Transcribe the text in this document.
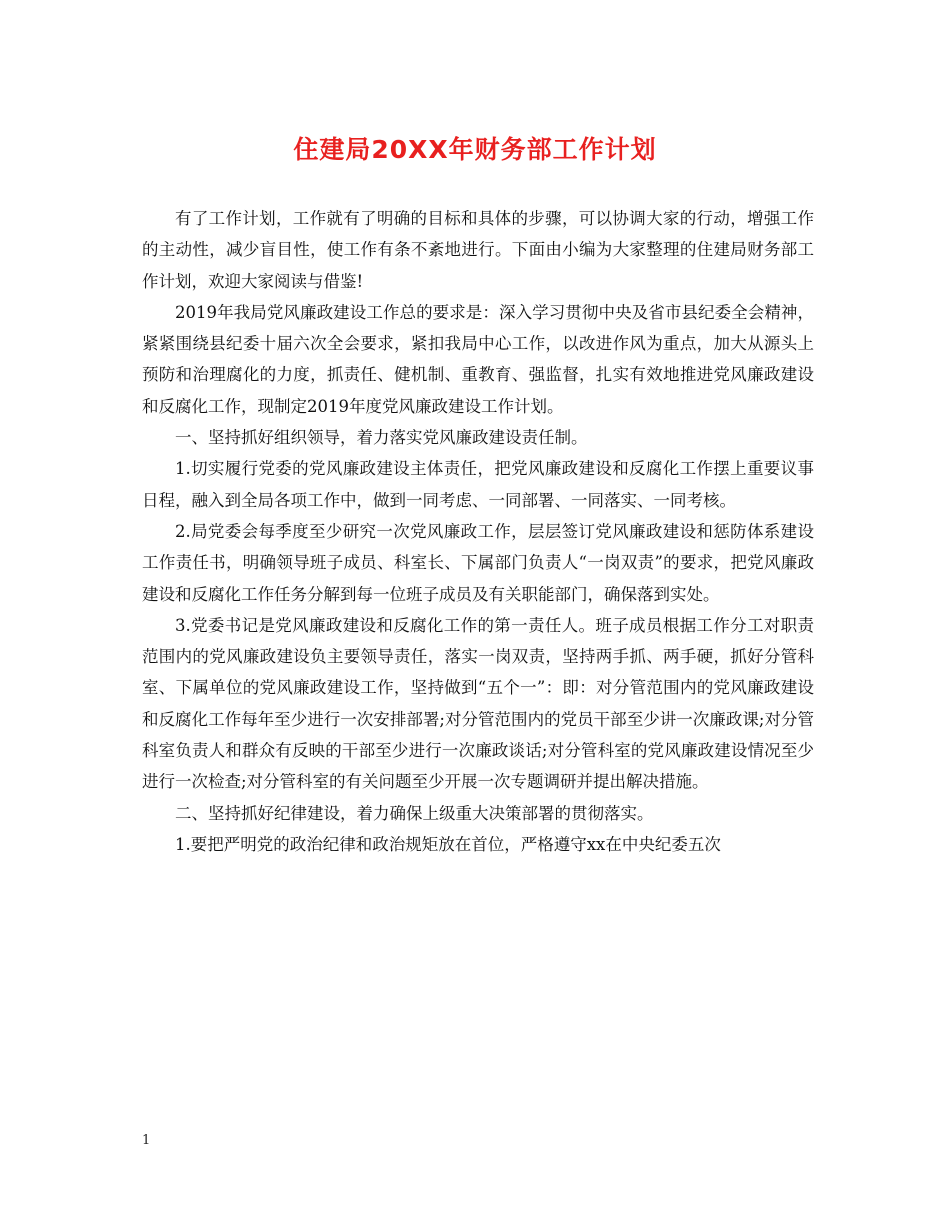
住建局20XX年财务部工作计划

有了工作计划，工作就有了明确的目标和具体的步骤，可以协调大家的行动，增强工作的主动性，减少盲目性，使工作有条不紊地进行。下面由小编为大家整理的住建局财务部工作计划，欢迎大家阅读与借鉴!

2019年我局党风廉政建设工作总的要求是：深入学习贯彻中央及省市县纪委全会精神，紧紧围绕县纪委十届六次全会要求，紧扣我局中心工作，以改进作风为重点，加大从源头上预防和治理腐化的力度，抓责任、健机制、重教育、强监督，扎实有效地推进党风廉政建设和反腐化工作，现制定2019年度党风廉政建设工作计划。

一、坚持抓好组织领导，着力落实党风廉政建设责任制。

1.切实履行党委的党风廉政建设主体责任，把党风廉政建设和反腐化工作摆上重要议事日程，融入到全局各项工作中，做到一同考虑、一同部署、一同落实、一同考核。

2.局党委会每季度至少研究一次党风廉政工作，层层签订党风廉政建设和惩防体系建设工作责任书，明确领导班子成员、科室长、下属部门负责人“一岗双责”的要求，把党风廉政建设和反腐化工作任务分解到每一位班子成员及有关职能部门，确保落到实处。

3.党委书记是党风廉政建设和反腐化工作的第一责任人。班子成员根据工作分工对职责范围内的党风廉政建设负主要领导责任，落实一岗双责，坚持两手抓、两手硬，抓好分管科室、下属单位的党风廉政建设工作，坚持做到“五个一”：即：对分管范围内的党风廉政建设和反腐化工作每年至少进行一次安排部署;对分管范围内的党员干部至少讲一次廉政课;对分管科室负责人和群众有反映的干部至少进行一次廉政谈话;对分管科室的党风廉政建设情况至少进行一次检查;对分管科室的有关问题至少开展一次专题调研并提出解决措施。

二、坚持抓好纪律建设，着力确保上级重大决策部署的贯彻落实。

1.要把严明党的政治纪律和政治规矩放在首位，严格遵守xx在中央纪委五次

1
